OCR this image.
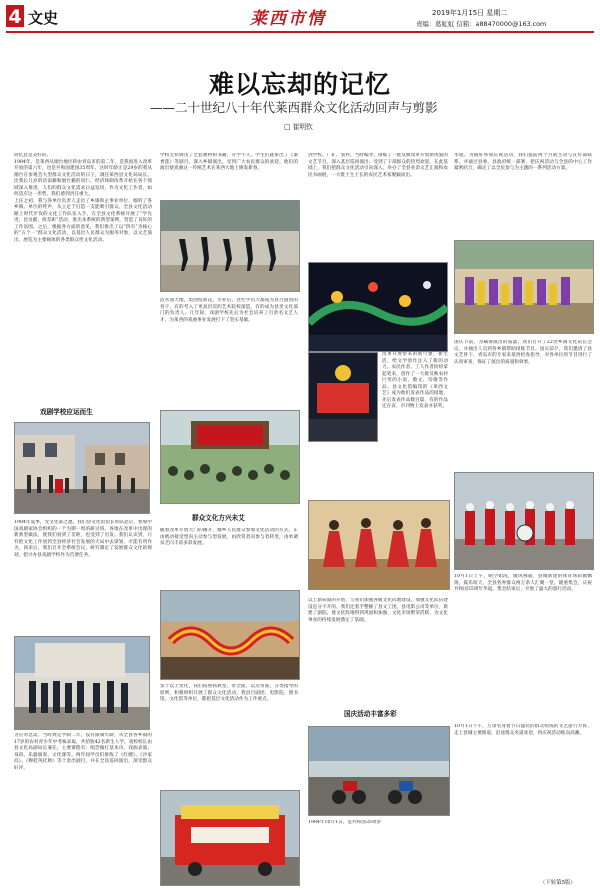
4 文史	莱西市情	2019年1月15日 星期二
责编：葛虹虹 信箱：a88470000@163.com
难以忘却的记忆
——二十世纪八十年代莱西群众文化活动回声与剪影
□ 崔明钦
回忆总是美好的。
1984年，是莱西从烟台地区转由青岛市的第二年，是我国进入改革开放的第六年，也是共和国建国35周年。这时年龄正是29岁的我从烟台在参观会大型群众文化活动的日子，调任莱西县文化局局长。比我长几岁的济南籍和烟台籍的同仁，经济体制改革开始在各个领域深入推进，人们的群众文化需求日益迫切，作为文化工作者，如何适应这一形势，我们感到责任重大。
上任之初，我与各单位负责人走访了乡镇和企事业单位，倾听了各乡镇、单位的呼声，从立足于打造一支能吸引群众、全县文化活动跟上时代步伐的文化工作队伍入手，在全县文化系统开展了“学先进，比贡献，找差距”活动，推出本系统的典型案例，营造了良好的工作氛围。之后，根据各方面的意见，我们推出了以“四有”为核心的“五个一”群众文化活动，以基层人民群众为服务对象，以文艺演出、展览为主要载体的各类群众性文化活动。
戏剧学校应运而生
1984年夏季，受文化部之邀，我们县文化馆馆长带队赴京，参加中国戏剧家协会组织的一个为期一周的研讨班。各地在改革中出现的新典型做法，使我们看到了差距，也受到了启发。我们认识到，只有把文化工作放到全县经济社会发展的大局中去谋划，才能有所作为。回来后，我们召开全系统会议，研究制定了发展群众文化的规划，把兴办县戏剧学校作为首要任务。
为应对急需，当时规定学制二年，没有限制年龄，从全县各乡镇的17岁的农村青少年中考核录取，共招收42名新生人学。戏校校长由县文化局副局长兼任，主要课程有：唱念做打基本功、戏曲表演、身段、乐器演奏、文化课等。两年间学员们排练了《红嫂》、《沙家浜》、《穆桂英挂帅》等十余出剧目，并在全县巡回演出，深受群众好评。
学校无偿调送了全套教材和书籍，开学不久，学生们就排出了《秦香莲》等剧目，深入乡镇演出，受到广大农民群众的欢迎。他们的演出使戏曲这一传统艺术在莱西大地上焕发新春。
活水润大地，梨园绽新花。毕业后，这些学员大都成为县吕剧团的骨干，有的考入了更高层次的艺术院校深造，有的成为县里文化部门的负责人。几年间，戏剧学校先后为社会培养了百余名文艺人才，为莱西的戏曲事业发展打下了坚实基础。
群众文化方兴未艾
随着改革开放大门的敞开，城乡人民群众参加文化活动的方式，正由被动接受型向主动参与型发展，由欣赏者向参与者转变，由单调贫乏向丰富多彩发展。
鉴于以上变化，我们按照抓典型、带全面，以点带面，分类指导的原则，积极组织开展了群众文化活动。我县吕剧团、电影院、图书馆、文化馆等单位，都把基层文化活动作为工作重点。
到学校、厂矿、农村，当时编导、排练了一批反映改革开放新风貌的文艺节目，深入基层巡回演出，受到了干部群众的热烈欢迎。在此基础上，我们把群众文化活动引向深入，举办了全县业余文艺汇演和农民书画展，一大批土生土长的农民艺术家脱颖而出。
改革开放带来的新气象，新生活，给文学创作注入了新的动力。农民作者、工人作者纷纷拿起笔来，创作了一大批反映农村巨变的小说、散文、诗歌等作品。县文化馆编印的《莱西文艺》成为他们发表作品的园地，先后发表作品数百篇，有的作品还在省、市刊物上发表并获奖。
以上新局面的开创，与我们加强各级文化阵地建设、加强文化队伍建设是分不开的。我们还着手整顿了县文工团、县电影公司等单位，新建了剧院，使文化阵地得到巩固和加强，文化市场繁荣活跃，为文化事业的持续发展奠定了基础。
国庆活动丰富多彩
1984年10月1日，是共和国35周岁
华诞。为搞好各项庆祝活动，我们提前两个月就主动与宣传部联系，并通过县委、县政府统一部署，把庆祝活动与全县的中心工作紧密结合，确定了以全民参与为主题的一系列活动方案。
国庆节前，为确保演出的质量，我们召开了22处乡镇文化站长会议，并抽出人员到各乡镇帮助排练节目。国庆前夕，我们邀请了县文艺骨干、青岛市的专家来莱西检查指导，对各单位的节目进行了认真审查，保证了演出的质量和效果。
10月1日上午，晴空如洗，微风拂面，县城新建的体育场彩旗飘扬，鼓乐喧天，全县各界群众两万余人汇聚一堂，隆重集会，庆祝共和国35周年华诞。集会结束后，开始了盛大的游行活动。
10月1日下午，万余名身着节日盛装的群众组成的文艺游行方阵，走上县城主要街道，沿途群众夹道欢迎，将庆祝活动推向高潮。
（下转第5版）
